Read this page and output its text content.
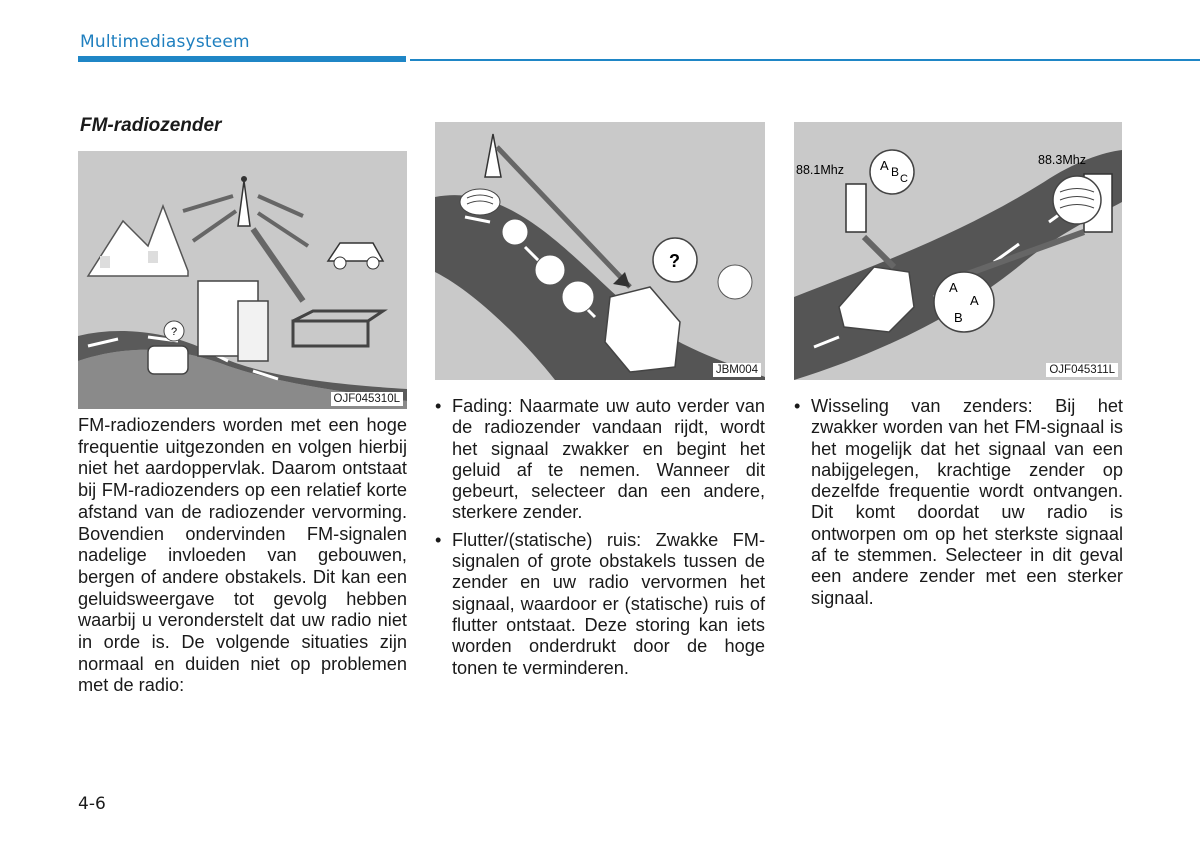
Multimediasysteem
FM-radiozender
?
OJF045310L
?
JBM004
88.1Mhz
88.3Mhz
A B C
A
A
B
OJF045311L
FM-radiozenders worden met een hoge frequentie uitgezonden en volgen hierbij niet het aardoppervlak. Daarom ontstaat bij FM-radiozenders op een relatief korte afstand van de radiozender vervorming. Bovendien ondervinden FM-signalen nadelige invloeden van gebouwen, bergen of andere obstakels. Dit kan een geluidsweergave tot gevolg hebben waarbij u veronderstelt dat uw radio niet in orde is. De volgende situaties zijn normaal en duiden niet op problemen met de radio:
• Fading: Naarmate uw auto verder van de radiozender vandaan rijdt, wordt het signaal zwakker en begint het geluid af te nemen. Wanneer dit gebeurt, selecteer dan een andere, sterkere zender.
• Flutter/(statische) ruis: Zwakke FM-signalen of grote obstakels tussen de zender en uw radio vervormen het signaal, waardoor er (statische) ruis of flutter ontstaat. Deze storing kan iets worden onderdrukt door de hoge tonen te verminderen.
• Wisseling van zenders: Bij het zwakker worden van het FM-signaal is het mogelijk dat het signaal van een nabijgelegen, krachtige zender op dezelfde frequentie wordt ontvangen. Dit komt doordat uw radio is ontworpen om op het sterkste signaal af te stemmen. Selecteer in dit geval een andere zender met een sterker signaal.
4-6
